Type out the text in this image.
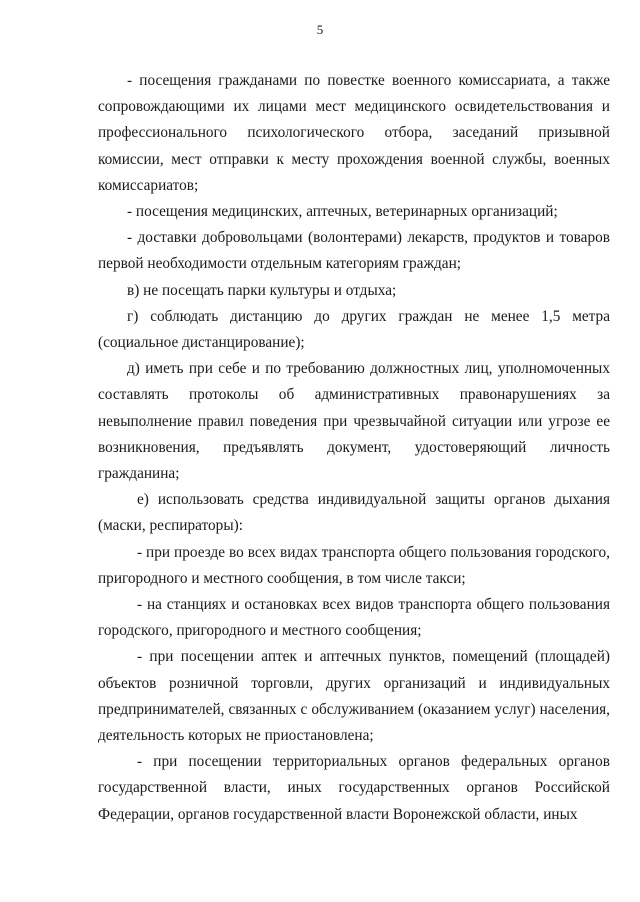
5

- посещения гражданами по повестке военного комиссариата, а также сопровождающими их лицами мест медицинского освидетельствования и профессионального психологического отбора, заседаний призывной комиссии, мест отправки к месту прохождения военной службы, военных комиссариатов;

- посещения медицинских, аптечных, ветеринарных организаций;

- доставки добровольцами (волонтерами) лекарств, продуктов и товаров первой необходимости отдельным категориям граждан;

в) не посещать парки культуры и отдыха;

г) соблюдать дистанцию до других граждан не менее 1,5 метра (социальное дистанцирование);

д) иметь при себе и по требованию должностных лиц, уполномоченных составлять протоколы об административных правонарушениях за невыполнение правил поведения при чрезвычайной ситуации или угрозе ее возникновения, предъявлять документ, удостоверяющий личность гражданина;

е) использовать средства индивидуальной защиты органов дыхания (маски, респираторы):

- при проезде во всех видах транспорта общего пользования городского, пригородного и местного сообщения, в том числе такси;

- на станциях и остановках всех видов транспорта общего пользования городского, пригородного и местного сообщения;

- при посещении аптек и аптечных пунктов, помещений (площадей) объектов розничной торговли, других организаций и индивидуальных предпринимателей, связанных с обслуживанием (оказанием услуг) населения, деятельность которых не приостановлена;

- при посещении территориальных органов федеральных органов государственной власти, иных государственных органов Российской Федерации, органов государственной власти Воронежской области, иных
